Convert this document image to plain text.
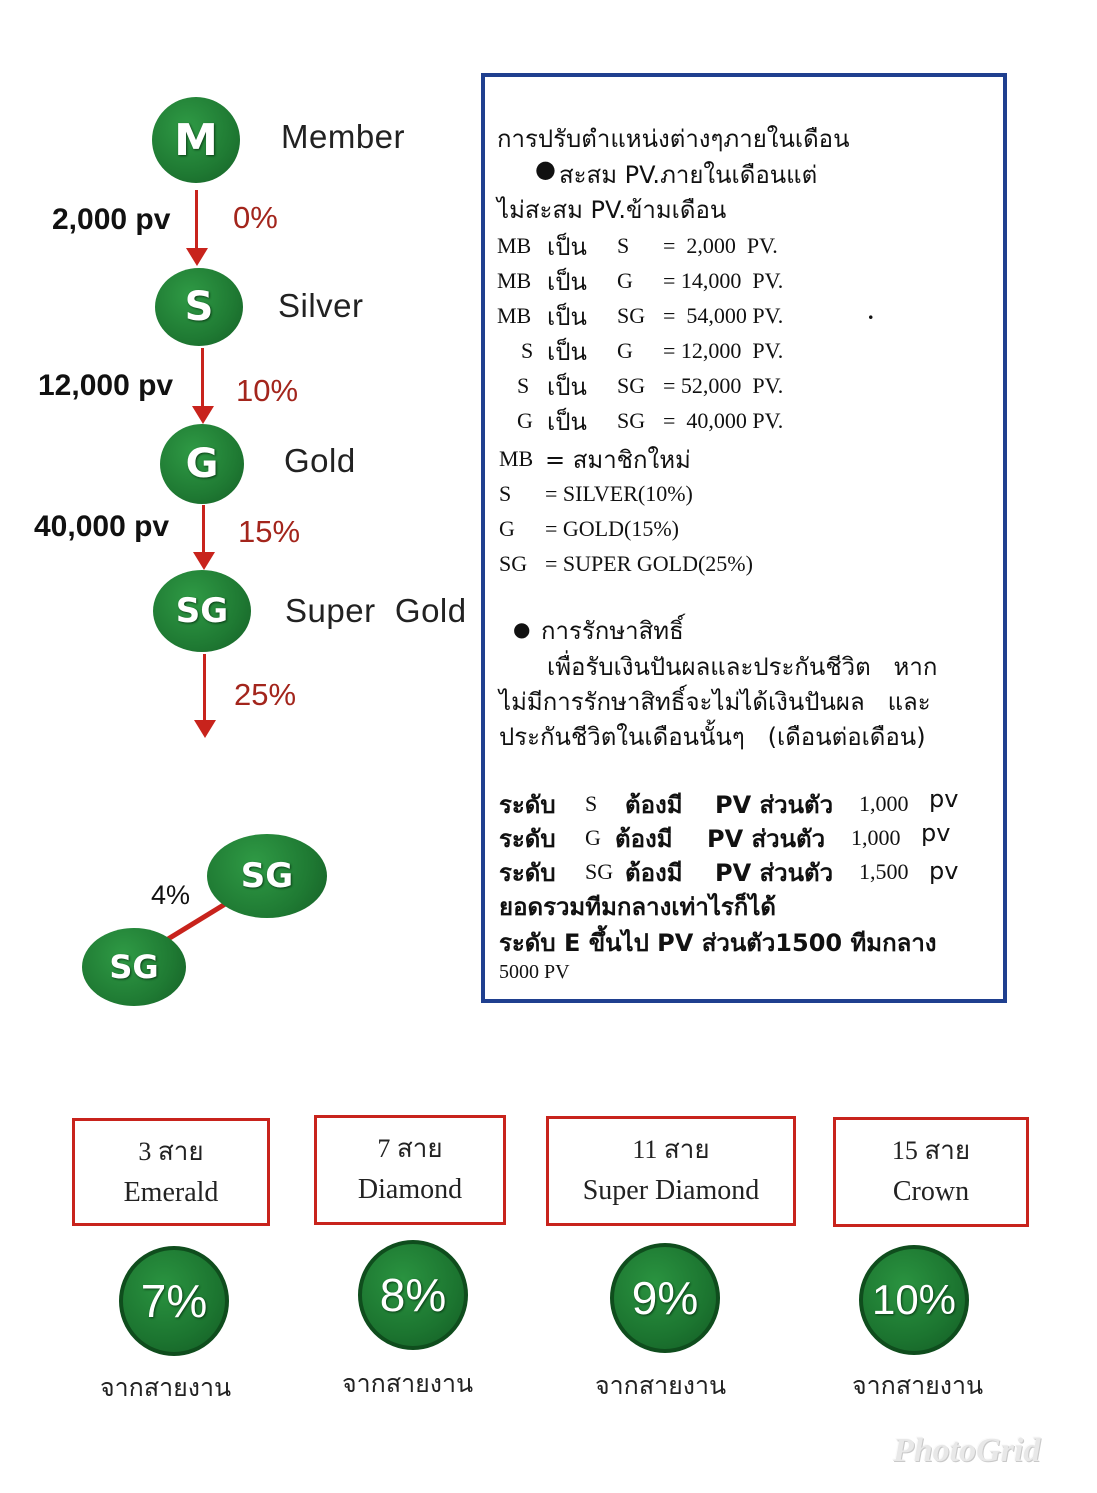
M	Member
2,000 pv 0%
S	Silver
12,000 pv 10%
G	Gold
40,000 pv 15%
SG	Super  Gold
25%
SG
SG
4%
การปรับตำแหน่งต่างๆภายในเดือน
● สะสม PV.ภายในเดือนแต่
ไม่สะสม PV.ข้ามเดือน
MB เป็น S =  2,000  PV.
MB เป็น G = 14,000  PV.
MB เป็น SG =  54,000 PV.	.
S เป็น G = 12,000  PV.
S เป็น SG = 52,000  PV.
G เป็น SG =  40,000 PV.
MB = สมาชิกใหม่
S = SILVER(10%)
G = GOLD(15%)
SG = SUPER GOLD(25%)
● การรักษาสิทธิ์
เพื่อรับเงินปันผลและประกันชีวิต   หาก
ไม่มีการรักษาสิทธิ์จะไม่ได้เงินปันผล   และ
ประกันชีวิตในเดือนนั้นๆ   (เดือนต่อเดือน)
ระดับ S ต้องมี PV ส่วนตัว 1,000 pv
ระดับ G ต้องมี PV ส่วนตัว 1,000 pv
ระดับ SG ต้องมี PV ส่วนตัว 1,500 pv
ยอดรวมทีมกลางเท่าไรก็ได้
ระดับ E ขึ้นไป PV ส่วนตัว1500 ทีมกลาง
5000 PV
3 สาย
Emerald
7 สาย
Diamond
11 สาย
Super Diamond
15 สาย
Crown
7%	8%	9%	10%
จากสายงาน	จากสายงาน	จากสายงาน	จากสายงาน
PhotoGrid
